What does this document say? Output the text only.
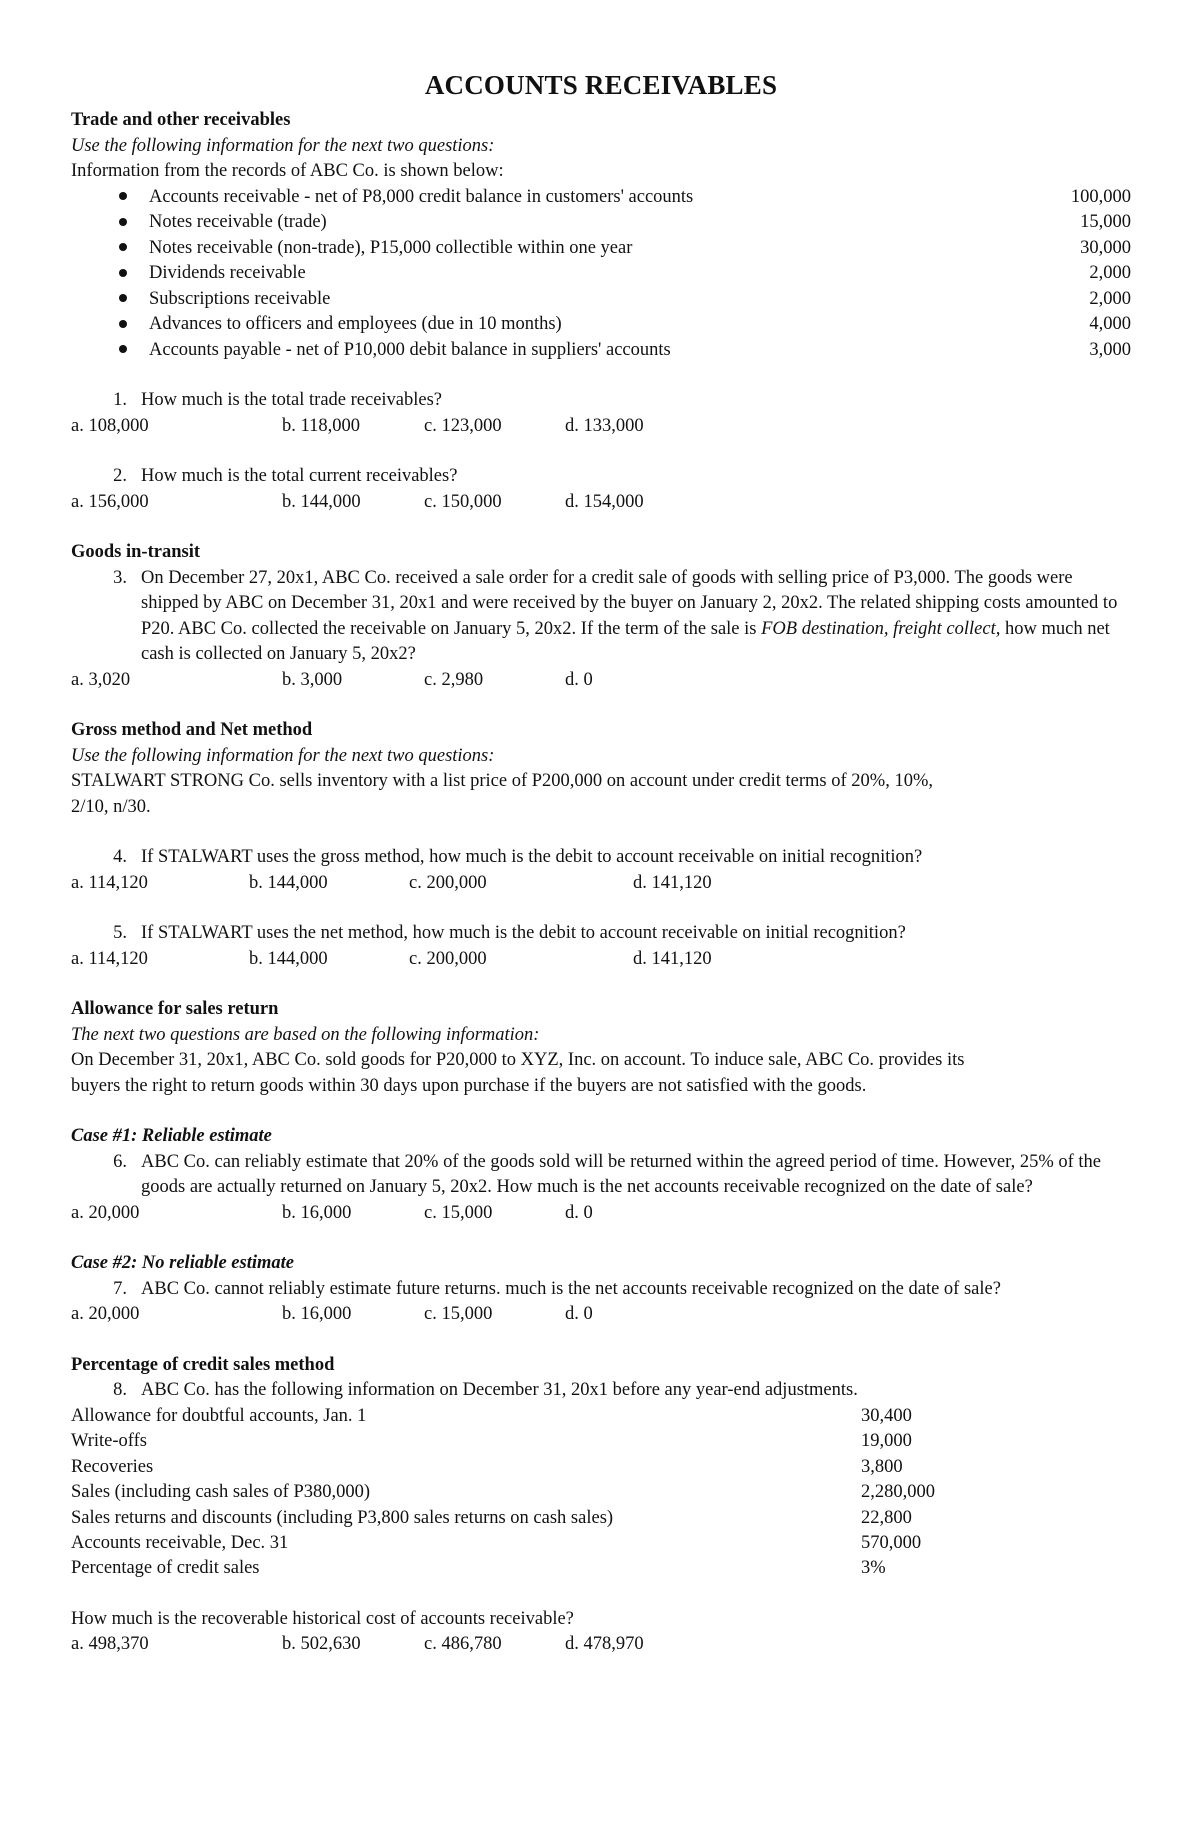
ACCOUNTS RECEIVABLES
Trade and other receivables
Use the following information for the next two questions:
Information from the records of ABC Co. is shown below:
Accounts receivable - net of P8,000 credit balance in customers' accounts	100,000
Notes receivable (trade)	15,000
Notes receivable (non-trade), P15,000 collectible within one year	30,000
Dividends receivable	2,000
Subscriptions receivable	2,000
Advances to officers and employees (due in 10 months)	4,000
Accounts payable - net of P10,000 debit balance in suppliers' accounts	3,000
1. How much is the total trade receivables?
a. 108,000	b. 118,000	c. 123,000	d. 133,000
2. How much is the total current receivables?
a. 156,000	b. 144,000	c. 150,000	d. 154,000
Goods in-transit
3. On December 27, 20x1, ABC Co. received a sale order for a credit sale of goods with selling price of P3,000. The goods were shipped by ABC on December 31, 20x1 and were received by the buyer on January 2, 20x2. The related shipping costs amounted to P20. ABC Co. collected the receivable on January 5, 20x2. If the term of the sale is FOB destination, freight collect, how much net cash is collected on January 5, 20x2?
a. 3,020	b. 3,000	c. 2,980	d. 0
Gross method and Net method
Use the following information for the next two questions:
STALWART STRONG Co. sells inventory with a list price of P200,000 on account under credit terms of 20%, 10%,
2/10, n/30.
4. If STALWART uses the gross method, how much is the debit to account receivable on initial recognition?
a. 114,120	b. 144,000	c. 200,000	d. 141,120
5. If STALWART uses the net method, how much is the debit to account receivable on initial recognition?
a. 114,120	b. 144,000	c. 200,000	d. 141,120
Allowance for sales return
The next two questions are based on the following information:
On December 31, 20x1, ABC Co. sold goods for P20,000 to XYZ, Inc. on account. To induce sale, ABC Co. provides its
buyers the right to return goods within 30 days upon purchase if the buyers are not satisfied with the goods.
Case #1: Reliable estimate
6. ABC Co. can reliably estimate that 20% of the goods sold will be returned within the agreed period of time. However, 25% of the goods are actually returned on January 5, 20x2. How much is the net accounts receivable recognized on the date of sale?
a. 20,000	b. 16,000	c. 15,000	d. 0
Case #2: No reliable estimate
7. ABC Co. cannot reliably estimate future returns. much is the net accounts receivable recognized on the date of sale?
a. 20,000	b. 16,000	c. 15,000	d. 0
Percentage of credit sales method
8. ABC Co. has the following information on December 31, 20x1 before any year-end adjustments.
Allowance for doubtful accounts, Jan. 1	30,400
Write-offs	19,000
Recoveries	3,800
Sales (including cash sales of P380,000)	2,280,000
Sales returns and discounts (including P3,800 sales returns on cash sales)	22,800
Accounts receivable, Dec. 31	570,000
Percentage of credit sales	3%
How much is the recoverable historical cost of accounts receivable?
a. 498,370	b. 502,630	c. 486,780	d. 478,970
